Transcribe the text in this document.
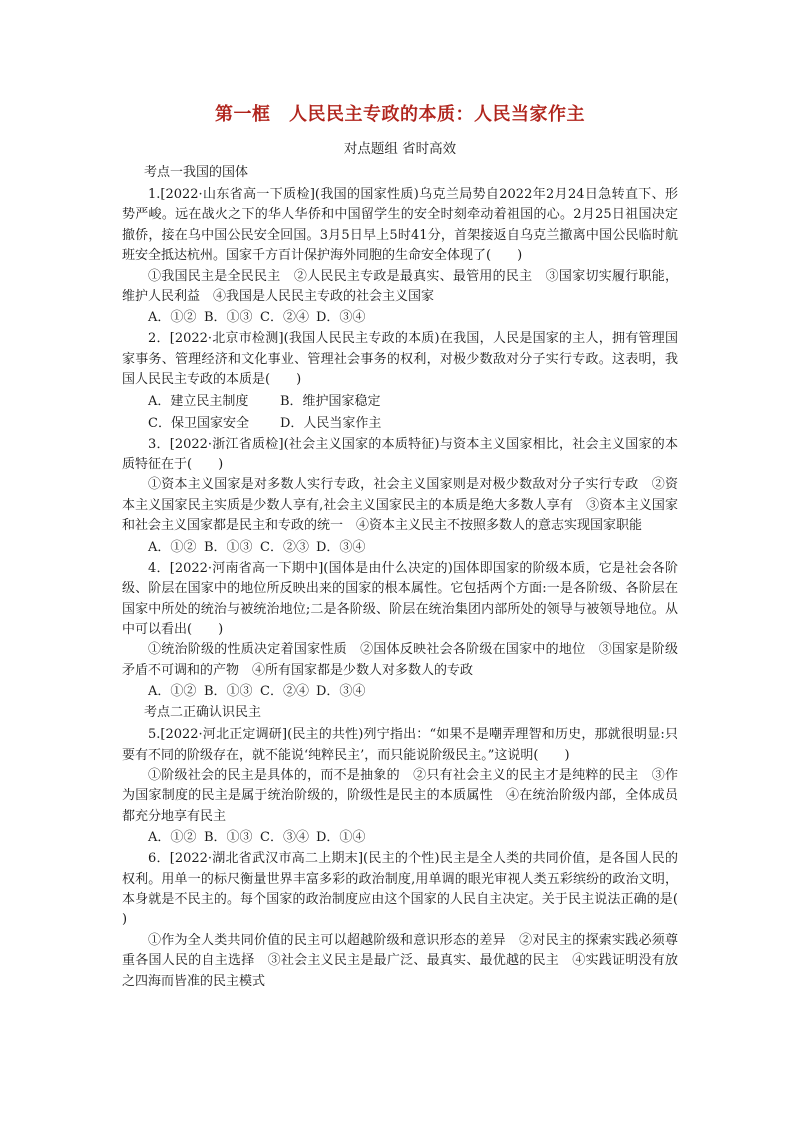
第一框　人民民主专政的本质：人民当家作主
对点题组 省时高效
考点一我国的国体

1.[2022·山东省高一下质检](我国的国家性质)乌克兰局势自2022年2月24日急转直下、形势严峻。远在战火之下的华人华侨和中国留学生的安全时刻牵动着祖国的心。2月25日祖国决定撤侨，接在乌中国公民安全回国。3月5日早上5时41分，首架接返自乌克兰撤离中国公民临时航班安全抵达杭州。国家千方百计保护海外同胞的生命安全体现了(　　)

①我国民主是全民民主　②人民民主专政是最真实、最管用的民主　③国家切实履行职能，维护人民利益　④我国是人民民主专政的社会主义国家

A．①② B．①③ C．②④ D．③④

2．[2022·北京市检测](我国人民民主专政的本质)在我国，人民是国家的主人，拥有管理国家事务、管理经济和文化事业、管理社会事务的权利，对极少数敌对分子实行专政。这表明，我国人民民主专政的本质是(　　)

A．建立民主制度	B．维护国家稳定
C．保卫国家安全	D．人民当家作主

3．[2022·浙江省质检](社会主义国家的本质特征)与资本主义国家相比，社会主义国家的本质特征在于(　　)

①资本主义国家是对多数人实行专政，社会主义国家则是对极少数敌对分子实行专政　②资本主义国家民主实质是少数人享有,社会主义国家民主的本质是绝大多数人享有　③资本主义国家和社会主义国家都是民主和专政的统一　④资本主义民主不按照多数人的意志实现国家职能

A．①② B．①③ C．②③ D．③④

4．[2022·河南省高一下期中](国体是由什么决定的)国体即国家的阶级本质，它是社会各阶级、阶层在国家中的地位所反映出来的国家的根本属性。它包括两个方面:一是各阶级、各阶层在国家中所处的统治与被统治地位;二是各阶级、阶层在统治集团内部所处的领导与被领导地位。从中可以看出(　　)

①统治阶级的性质决定着国家性质　②国体反映社会各阶级在国家中的地位　③国家是阶级矛盾不可调和的产物　④所有国家都是少数人对多数人的专政

A．①② B．①③ C．②④ D．③④
考点二正确认识民主

5.[2022·河北正定调研](民主的共性)列宁指出：“如果不是嘲弄理智和历史，那就很明显:只要有不同的阶级存在，就不能说‘纯粹民主’，而只能说阶级民主。”这说明(　　)

①阶级社会的民主是具体的，而不是抽象的　②只有社会主义的民主才是纯粹的民主　③作为国家制度的民主是属于统治阶级的，阶级性是民主的本质属性　④在统治阶级内部，全体成员都充分地享有民主

A．①② B．①③ C．③④ D．①④

6．[2022·湖北省武汉市高二上期末](民主的个性)民主是全人类的共同价值，是各国人民的权利。用单一的标尺衡量世界丰富多彩的政治制度,用单调的眼光审视人类五彩缤纷的政治文明，本身就是不民主的。每个国家的政治制度应由这个国家的人民自主决定。关于民主说法正确的是(　　)

①作为全人类共同价值的民主可以超越阶级和意识形态的差异　②对民主的探索实践必须尊重各国人民的自主选择　③社会主义民主是最广泛、最真实、最优越的民主　④实践证明没有放之四海而皆准的民主模式
